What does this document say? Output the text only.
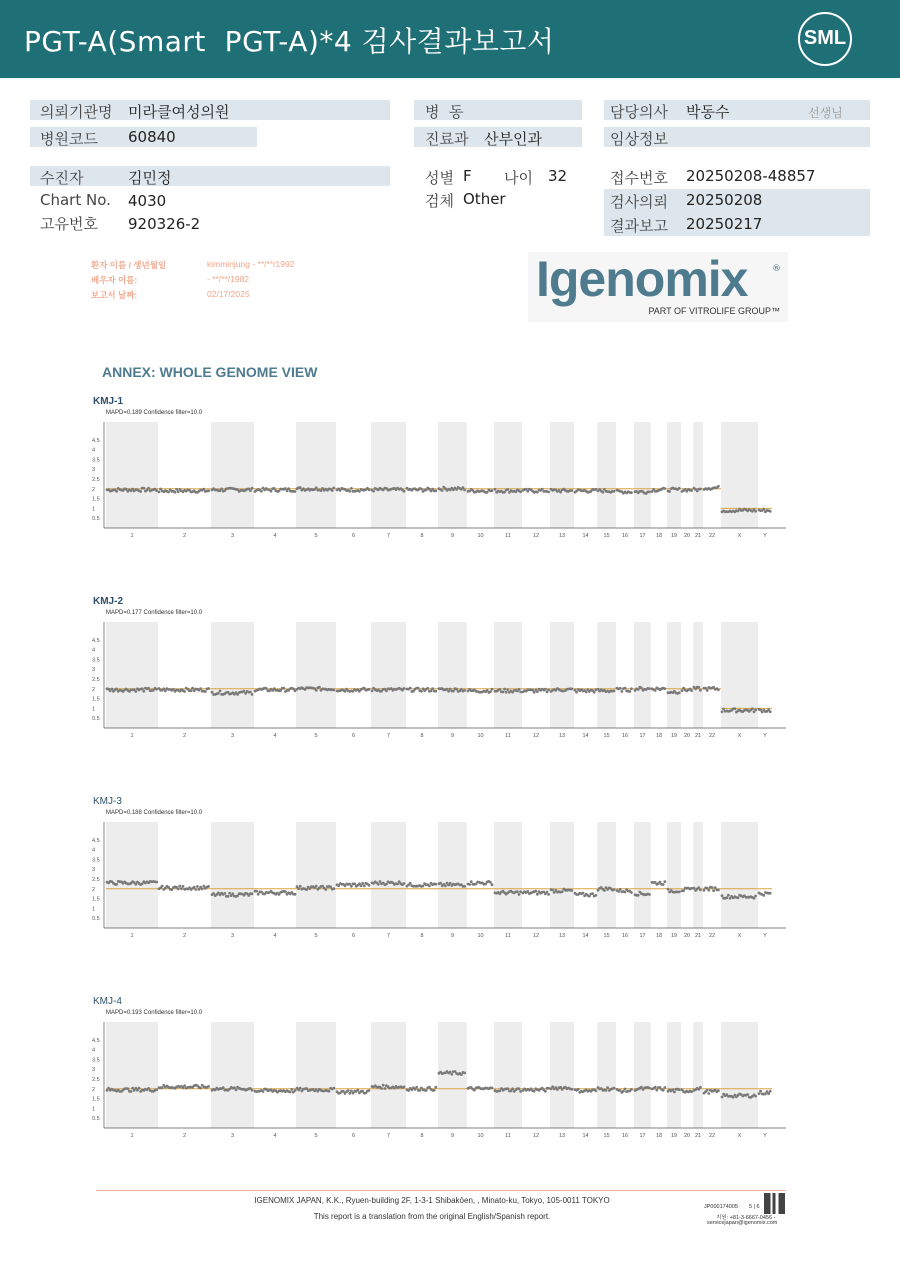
PGT-A(Smart  PGT-A)*4 검사결과보고서	SML
의뢰기관명 미라클여성의원
병원코드 60840
병  동
진료과 산부인과
담당의사 박동수	선생님
임상정보
수진자	김민정
Chart No. 4030
고유번호 920326-2
성별 F 나이 32
검체 Other
접수번호 20250208-48857
검사의뢰 20250208
결과보고 20250217
환자 이름 / 생년월일	kimminjung - **/**/1992
배우자 이름:	- **/**/1982
보고서 날짜:	02/17/2025	Igenomix	®
PART OF VITROLIFE GROUP™
ANNEX: WHOLE GENOME VIEW
KMJ-1
MAPD=0.189 Confidence filter=10.0
4.5
4
3.5
3
2.5
2
1.5
1
0.5
1	2	3	4	5	6	7	8	9	10	11	12	13	14	15 16 17 18 19 20 21 22	X	Y
KMJ-2
MAPD=0.177 Confidence filter=10.0
4.5
4
3.5
3
2.5
2
1.5
1
0.5
1	2	3	4	5	6	7	8	9	10	11	12	13	14	15 16 17 18 19 20 21 22	X	Y
KMJ-3
MAPD=0.188 Confidence filter=10.0
4.5
4
3.5
3
2.5
2
1.5
1
0.5
1	2	3	4	5	6	7	8	9	10	11	12	13	14	15 16 17 18 19 20 21 22	X	Y
KMJ-4
MAPD=0.193 Confidence filter=10.0
4.5
4
3.5
3
2.5
2
1.5
1
0.5
1	2	3	4	5	6	7	8	9	10	11	12	13	14	15 16 17 18 19 20 21 22	X	Y
IGENOMIX JAPAN, K.K., Ryuen-building 2F, 1-3-1 Shibakōen, , Minato-ku, Tokyo, 105-0011 TOKYO
This report is a translation from the original English/Spanish report.
JP000174005 5 | 6
지원: +81-3-6667-0456 -
servicejapan@igenomix.com
